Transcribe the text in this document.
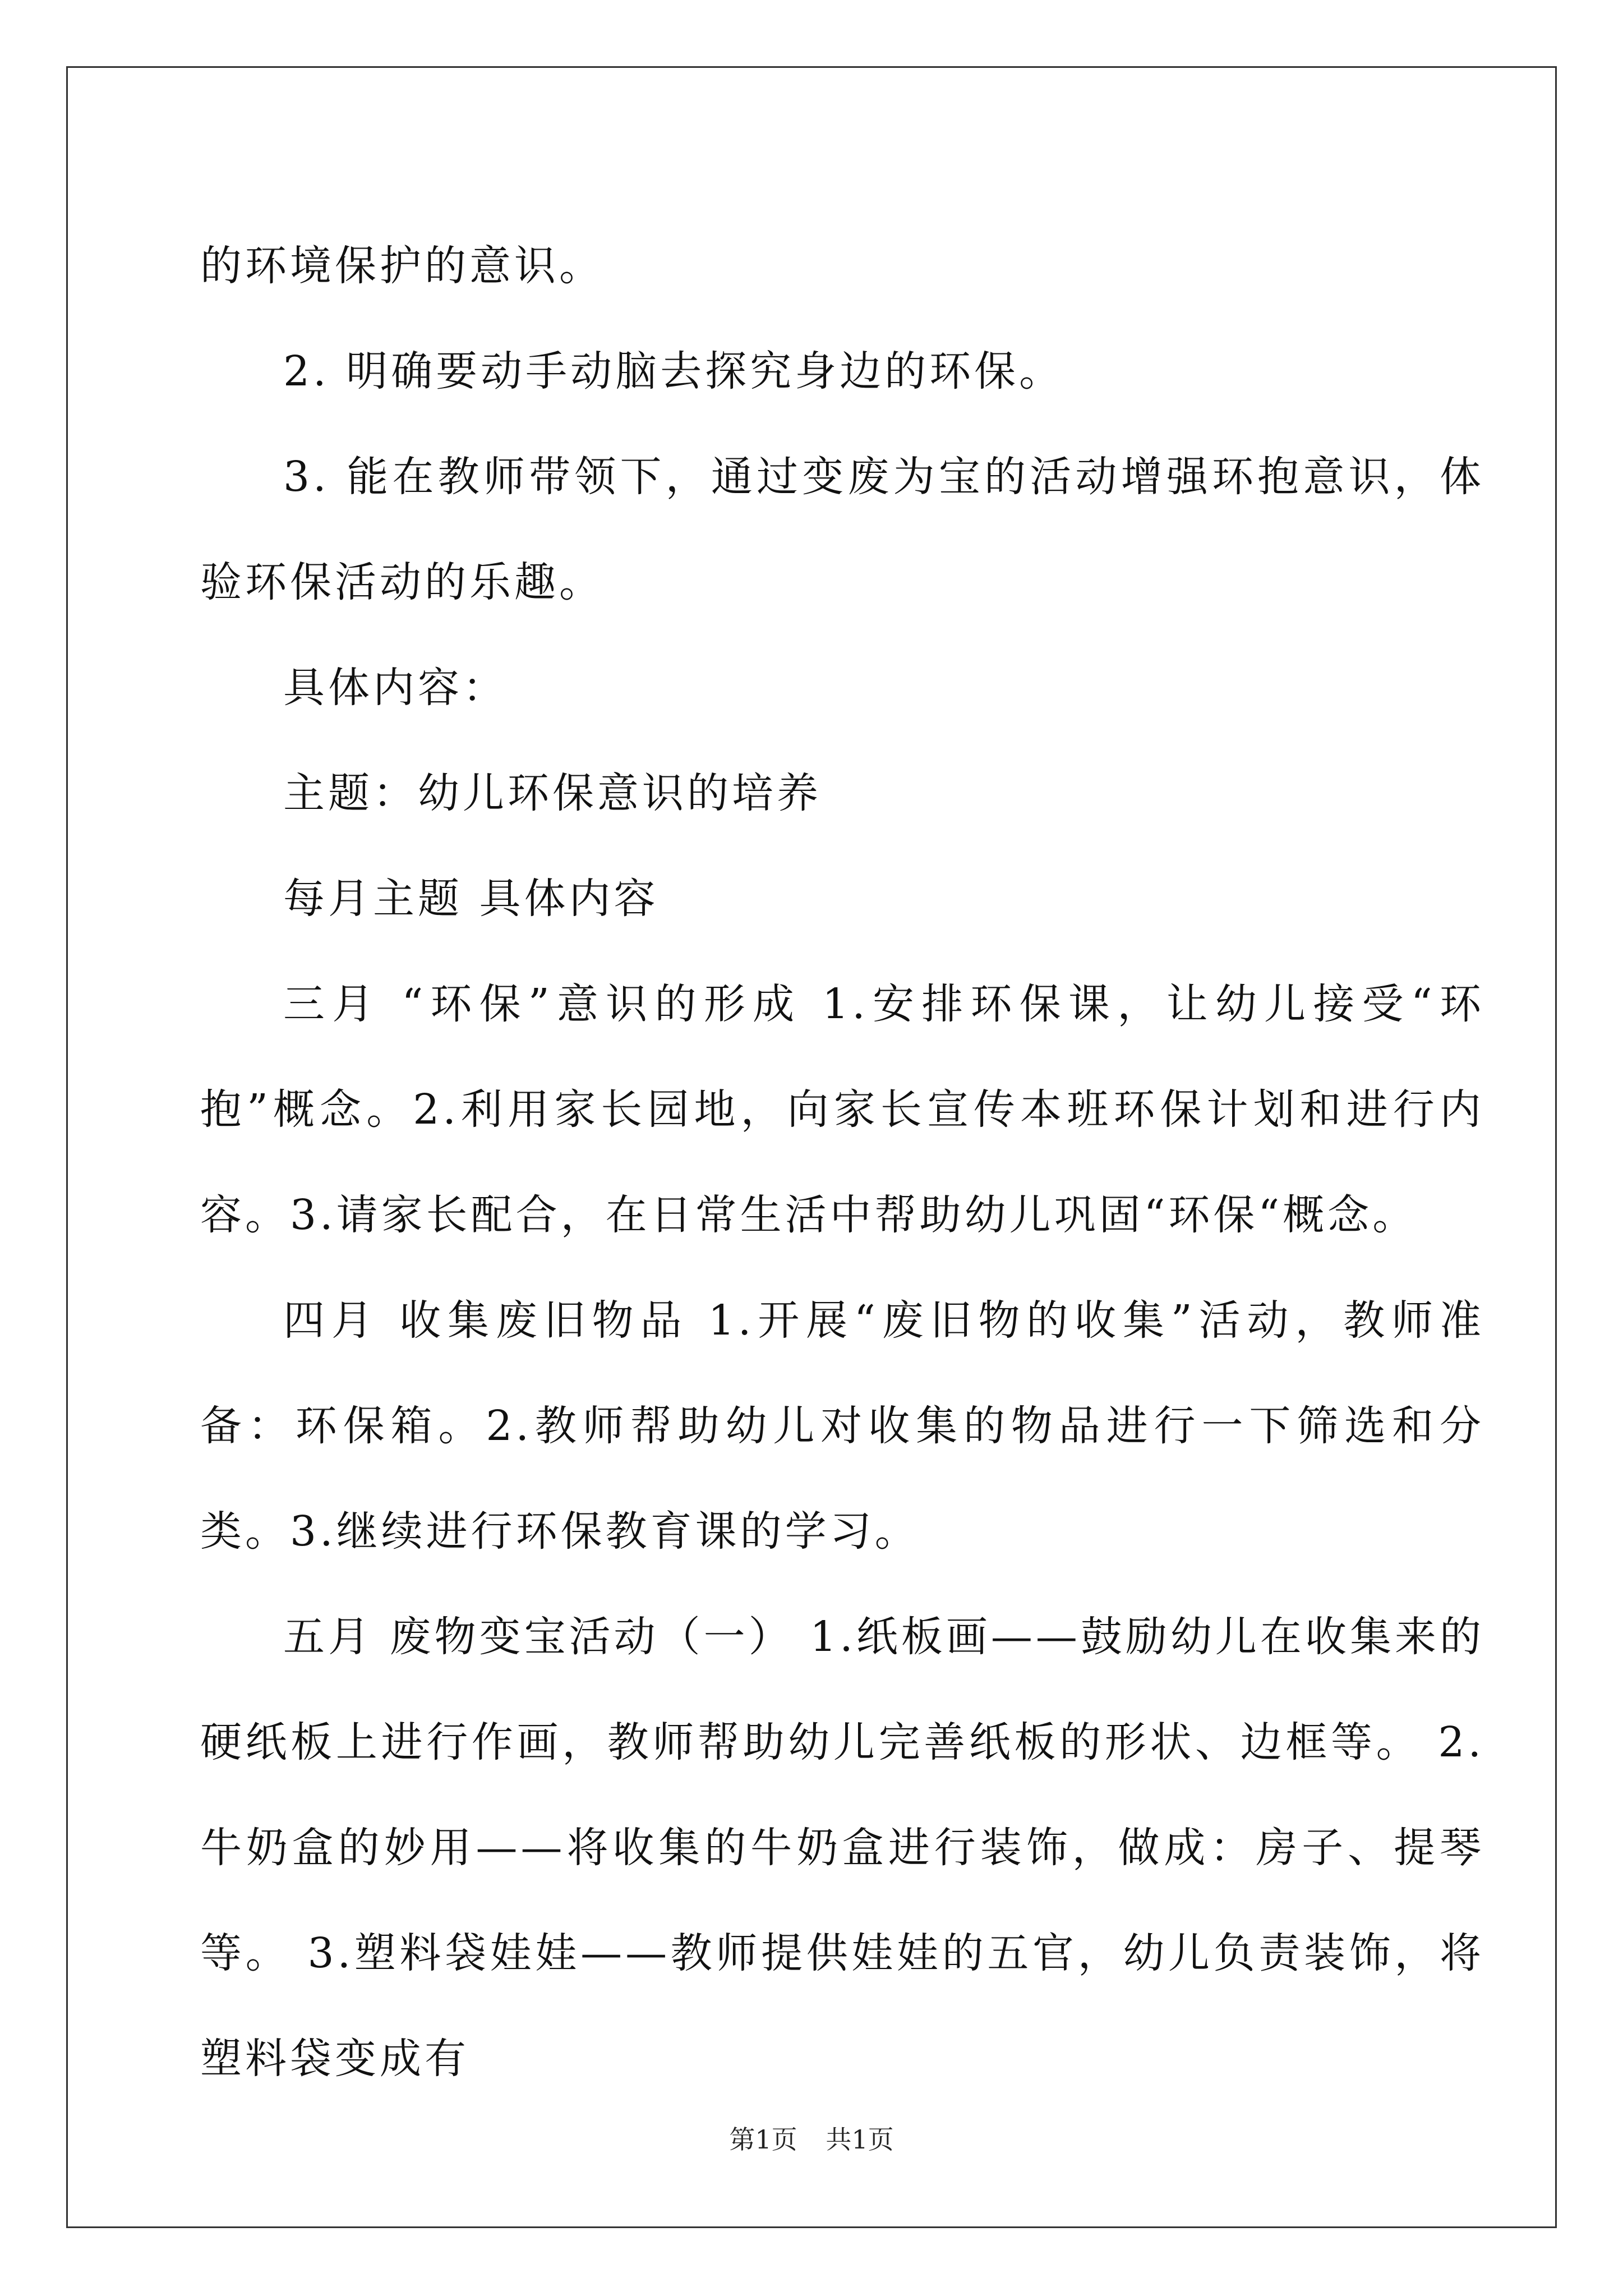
的环境保护的意识。

2. 明确要动手动脑去探究身边的环保。

3. 能在教师带领下，通过变废为宝的活动增强环抱意识，体验环保活动的乐趣。

具体内容：

主题：幼儿环保意识的培养

每月主题 具体内容

三月 “环保”意识的形成 1.安排环保课，让幼儿接受“环抱”概念。2.利用家长园地，向家长宣传本班环保计划和进行内容。3.请家长配合，在日常生活中帮助幼儿巩固“环保“概念。

四月 收集废旧物品 1.开展“废旧物的收集”活动，教师准备：环保箱。2.教师帮助幼儿对收集的物品进行一下筛选和分类。3.继续进行环保教育课的学习。

五月 废物变宝活动（一） 1.纸板画——鼓励幼儿在收集来的硬纸板上进行作画，教师帮助幼儿完善纸板的形状、边框等。 2.牛奶盒的妙用——将收集的牛奶盒进行装饰，做成：房子、提琴等。 3.塑料袋娃娃——教师提供娃娃的五官，幼儿负责装饰，将塑料袋变成有

第1页 共1页
